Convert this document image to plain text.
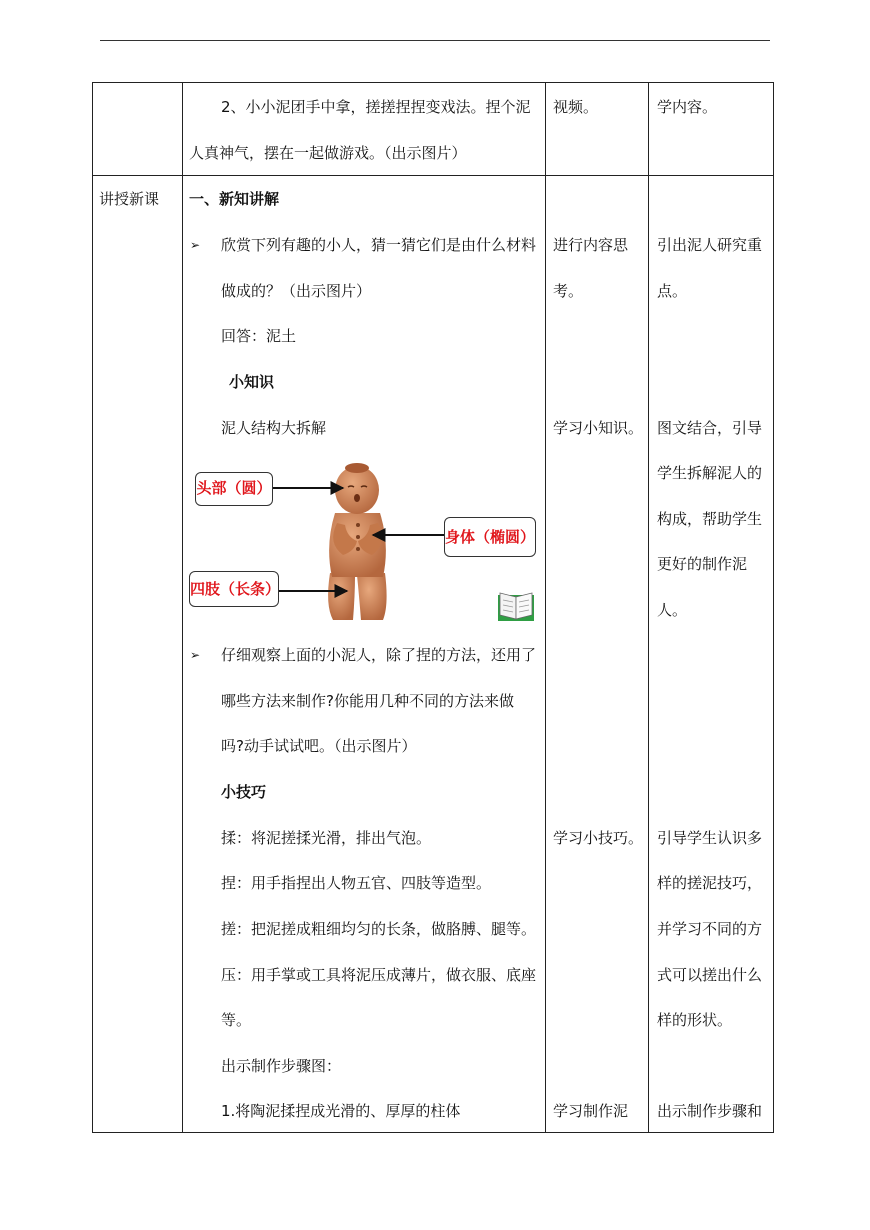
2、小小泥团手中拿，搓搓捏捏变戏法。捏个泥
人真神气，摆在一起做游戏。（出示图片）
视频。	学内容。
讲授新课 一、新知讲解
➢ 欣赏下列有趣的小人，猜一猜它们是由什么材料
做成的？（出示图片）
回答：泥土
小知识
泥人结构大拆解
头部（圆）
身体（椭圆）
四肢（长条）
➢ 仔细观察上面的小泥人，除了捏的方法，还用了
哪些方法来制作?你能用几种不同的方法来做
吗?动手试试吧。（出示图片）
小技巧
揉：将泥搓揉光滑，排出气泡。
捏：用手指捏出人物五官、四肢等造型。
搓：把泥搓成粗细均匀的长条，做胳膊、腿等。
压：用手掌或工具将泥压成薄片，做衣服、底座
等。
出示制作步骤图：
1.将陶泥揉捏成光滑的、厚厚的柱体
进行内容思
考。
学习小知识。
学习小技巧。
学习制作泥
引出泥人研究重
点。
图文结合，引导
学生拆解泥人的
构成，帮助学生
更好的制作泥
人。
引导学生认识多
样的搓泥技巧，
并学习不同的方
式可以搓出什么
样的形状。
出示制作步骤和
